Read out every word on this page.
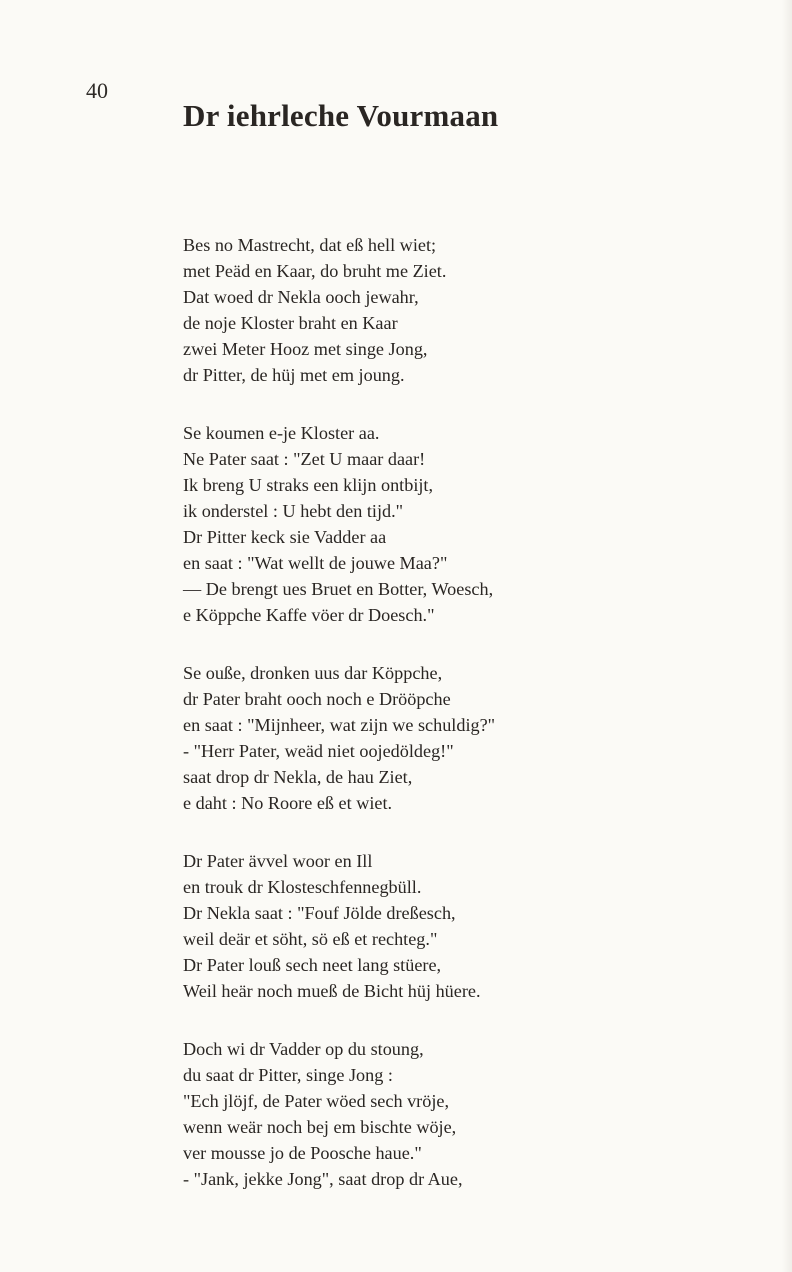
40
Dr iehrleche Vourmaan
Bes no Mastrecht, dat eß hell wiet;
met Peäd en Kaar, do bruht me Ziet.
Dat woed dr Nekla ooch jewahr,
de noje Kloster braht en Kaar
zwei Meter Hooz met singe Jong,
dr Pitter, de hüj met em joung.
Se koumen e-je Kloster aa.
Ne Pater saat : "Zet U maar daar!
Ik breng U straks een klijn ontbijt,
ik onderstel : U hebt den tijd."
Dr Pitter keck sie Vadder aa
en saat : "Wat wellt de jouwe Maa?"
— De brengt ues Bruet en Botter, Woesch,
e Köppche Kaffe vöer dr Doesch."
Se ouße, dronken uus dar Köppche,
dr Pater braht ooch noch e Drööpche
en saat : "Mijnheer, wat zijn we schuldig?"
- "Herr Pater, weäd niet oojedöldeg!"
saat drop dr Nekla, de hau Ziet,
e daht : No Roore eß et wiet.
Dr Pater ävvel woor en Ill
en trouk dr Klosteschfennegbüll.
Dr Nekla saat : "Fouf Jölde dreßesch,
weil deär et söht, sö eß et rechteg."
Dr Pater louß sech neet lang stüere,
Weil heär noch mueß de Bicht hüj hüere.
Doch wi dr Vadder op du stoung,
du saat dr Pitter, singe Jong :
"Ech jlöjf, de Pater wöed sech vröje,
wenn weär noch bej em bischte wöje,
ver mousse jo de Poosche haue."
- "Jank, jekke Jong", saat drop dr Aue,
